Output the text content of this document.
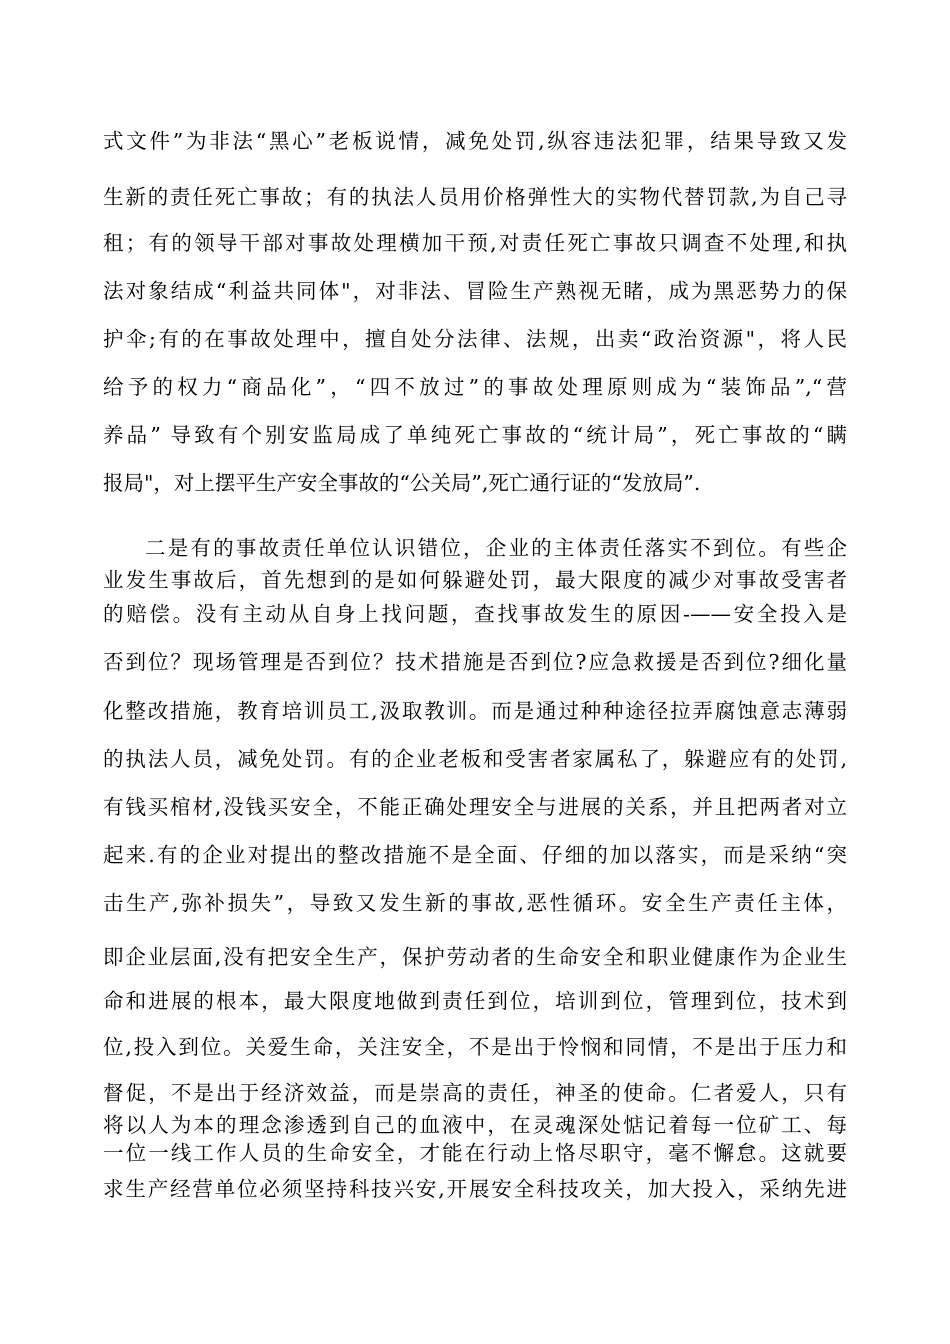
式文件”为非法“黑心”老板说情，减免处罚,纵容违法犯罪，结果导致又发
生新的责任死亡事故；有的执法人员用价格弹性大的实物代替罚款,为自己寻
租；有的领导干部对事故处理横加干预,对责任死亡事故只调查不处理,和执
法对象结成“利益共同体"，对非法、冒险生产熟视无睹，成为黑恶势力的保
护伞;有的在事故处理中，擅自处分法律、法规，出卖“政治资源"，将人民
给予的权力“商品化”，“四不放过”的事故处理原则成为“装饰品”,“营
养品” 导致有个别安监局成了单纯死亡事故的“统计局”，死亡事故的“瞒
报局"，对上摆平生产安全事故的“公关局”,死亡通行证的“发放局”.
二是有的事故责任单位认识错位，企业的主体责任落实不到位。有些企
业发生事故后，首先想到的是如何躲避处罚，最大限度的减少对事故受害者
的赔偿。没有主动从自身上找问题，查找事故发生的原因-——安全投入是
否到位？现场管理是否到位？技术措施是否到位?应急救援是否到位?细化量
化整改措施，教育培训员工,汲取教训。而是通过种种途径拉弄腐蚀意志薄弱
的执法人员，减免处罚。有的企业老板和受害者家属私了，躲避应有的处罚,
有钱买棺材,没钱买安全，不能正确处理安全与进展的关系，并且把两者对立
起来.有的企业对提出的整改措施不是全面、仔细的加以落实，而是采纳“突
击生产,弥补损失”，导致又发生新的事故,恶性循环。安全生产责任主体，
即企业层面,没有把安全生产，保护劳动者的生命安全和职业健康作为企业生
命和进展的根本，最大限度地做到责任到位，培训到位，管理到位，技术到
位,投入到位。关爱生命，关注安全，不是出于怜悯和同情，不是出于压力和
督促，不是出于经济效益，而是崇高的责任，神圣的使命。仁者爱人，只有
将以人为本的理念渗透到自己的血液中，在灵魂深处惦记着每一位矿工、每
一位一线工作人员的生命安全，才能在行动上恪尽职守，毫不懈怠。这就要
求生产经营单位必须坚持科技兴安,开展安全科技攻关，加大投入，采纳先进
